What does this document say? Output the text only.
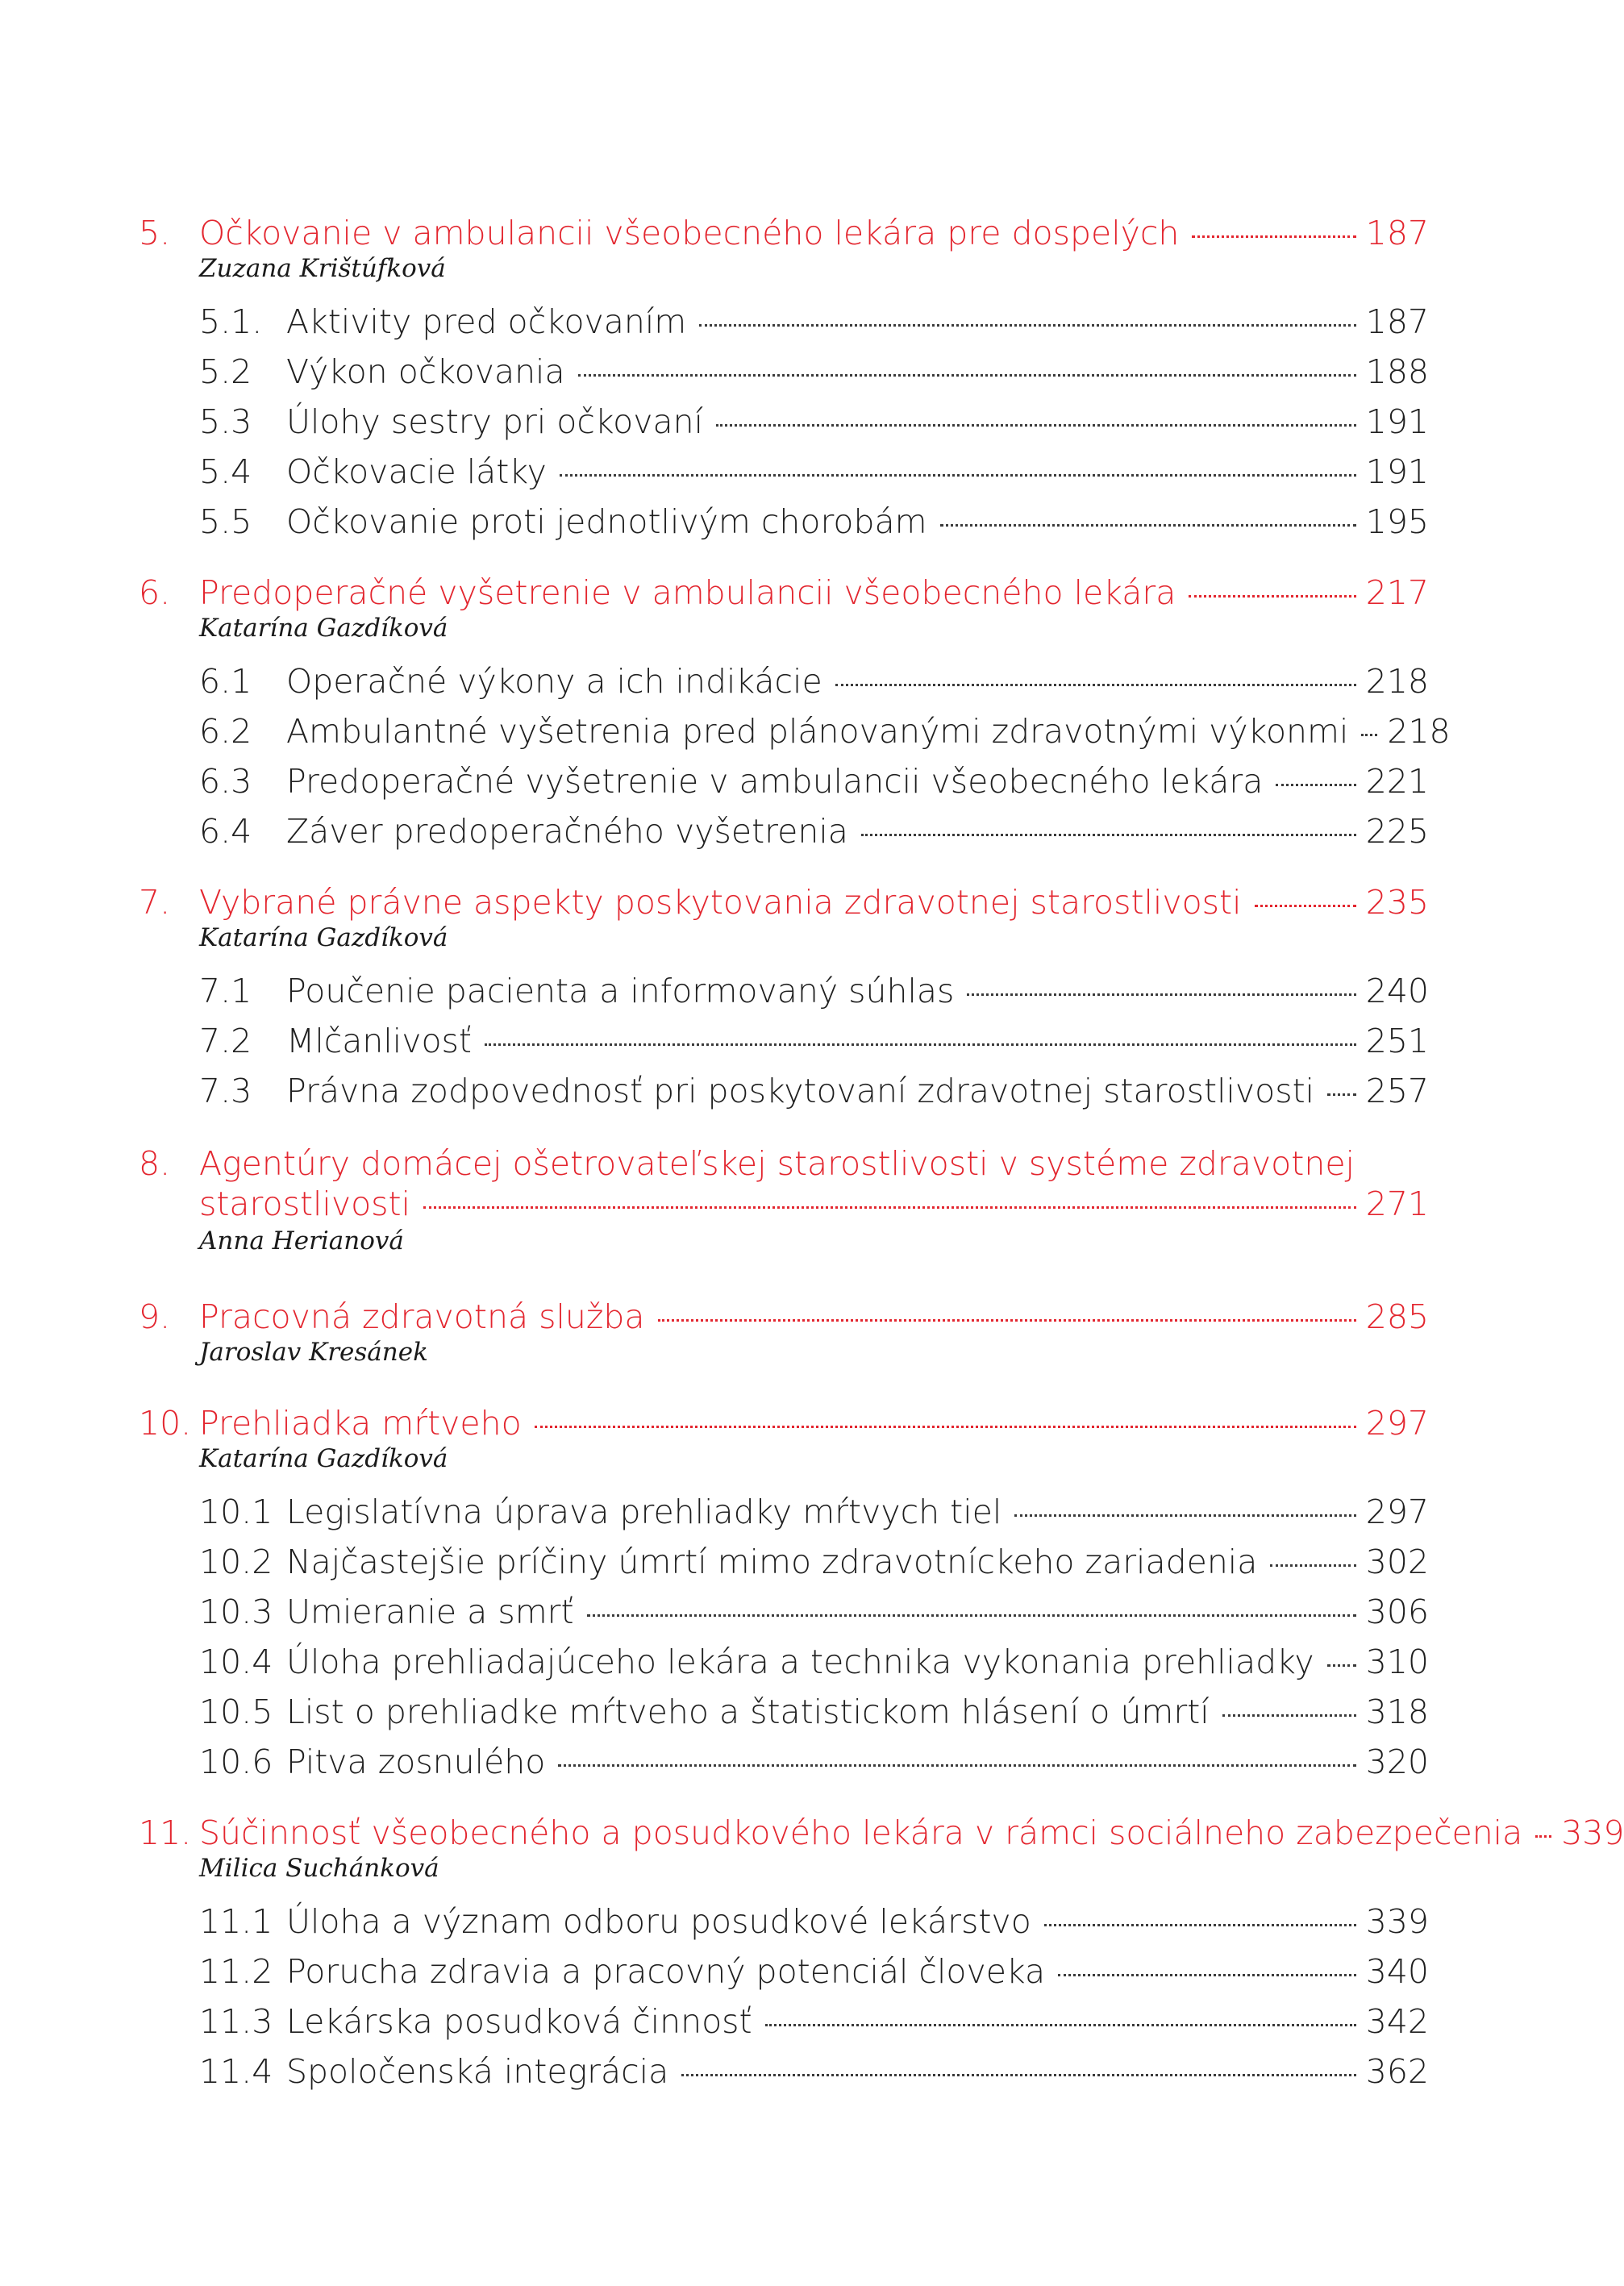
5. Očkovanie v ambulancii všeobecného lekára pre dospelých	187
Zuzana Krištúfková
5.1. Aktivity pred očkovaním	187
5.2 Výkon očkovania	188
5.3 Úlohy sestry pri očkovaní	191
5.4 Očkovacie látky	191
5.5 Očkovanie proti jednotlivým chorobám	195
6. Predoperačné vyšetrenie v ambulancii všeobecného lekára	217
Katarína Gazdíková
6.1 Operačné výkony a ich indikácie	218
6.2 Ambulantné vyšetrenia pred plánovanými zdravotnými výkonmi 218
6.3 Predoperačné vyšetrenie v ambulancii všeobecného lekára	221
6.4 Záver predoperačného vyšetrenia	225
7. Vybrané právne aspekty poskytovania zdravotnej starostlivosti	235
Katarína Gazdíková
7.1 Poučenie pacienta a informovaný súhlas	240
7.2 Mlčanlivosť	251
7.3 Právna zodpovednosť pri poskytovaní zdravotnej starostlivosti 257
8. Agentúry domácej ošetrovateľskej starostlivosti v systéme zdravotnej
starostlivosti	271
Anna Herianová
9. Pracovná zdravotná služba	285
Jaroslav Kresánek
10. Prehliadka mŕtveho	297
Katarína Gazdíková
10.1 Legislatívna úprava prehliadky mŕtvych tiel	297
10.2 Najčastejšie príčiny úmrtí mimo zdravotníckeho zariadenia	302
10.3 Umieranie a smrť	306
10.4 Úloha prehliadajúceho lekára a technika vykonania prehliadky 310
10.5 List o prehliadke mŕtveho a štatistickom hlásení o úmrtí	318
10.6 Pitva zosnulého	320
11. Súčinnosť všeobecného a posudkového lekára v rámci sociálneho zabezpečenia 339
Milica Suchánková
11.1 Úloha a význam odboru posudkové lekárstvo	339
11.2 Porucha zdravia a pracovný potenciál človeka	340
11.3 Lekárska posudková činnosť	342
11.4 Spoločenská integrácia	362
